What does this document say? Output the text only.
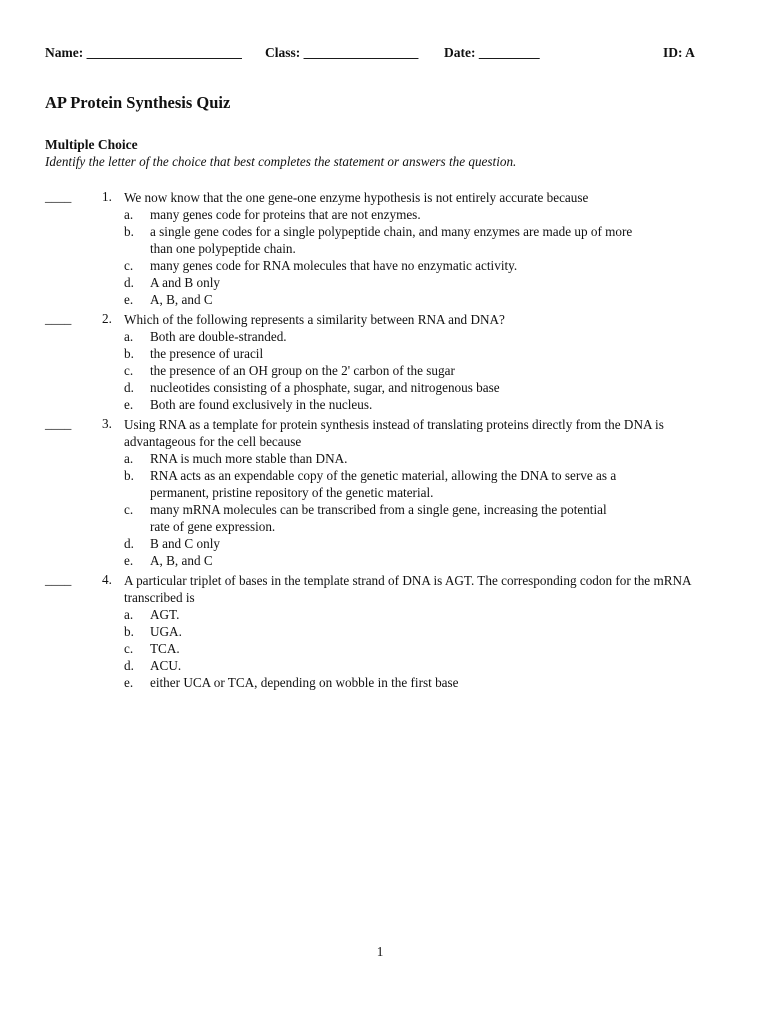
Name: _______________________ Class: _________________ Date: _________	ID: A
AP Protein Synthesis Quiz
Multiple Choice
Identify the letter of the choice that best completes the statement or answers the question.
____ 1. We now know that the one gene-one enzyme hypothesis is not entirely accurate because
a. many genes code for proteins that are not enzymes.
b. a single gene codes for a single polypeptide chain, and many enzymes are made up of more than one polypeptide chain.
c. many genes code for RNA molecules that have no enzymatic activity.
d. A and B only
e. A, B, and C
____ 2. Which of the following represents a similarity between RNA and DNA?
a. Both are double-stranded.
b. the presence of uracil
c. the presence of an OH group on the 2' carbon of the sugar
d. nucleotides consisting of a phosphate, sugar, and nitrogenous base
e. Both are found exclusively in the nucleus.
____ 3. Using RNA as a template for protein synthesis instead of translating proteins directly from the DNA is advantageous for the cell because
a. RNA is much more stable than DNA.
b. RNA acts as an expendable copy of the genetic material, allowing the DNA to serve as a permanent, pristine repository of the genetic material.
c. many mRNA molecules can be transcribed from a single gene, increasing the potential rate of gene expression.
d. B and C only
e. A, B, and C
____ 4. A particular triplet of bases in the template strand of DNA is AGT. The corresponding codon for the mRNA transcribed is
a. AGT.
b. UGA.
c. TCA.
d. ACU.
e. either UCA or TCA, depending on wobble in the first base
1
